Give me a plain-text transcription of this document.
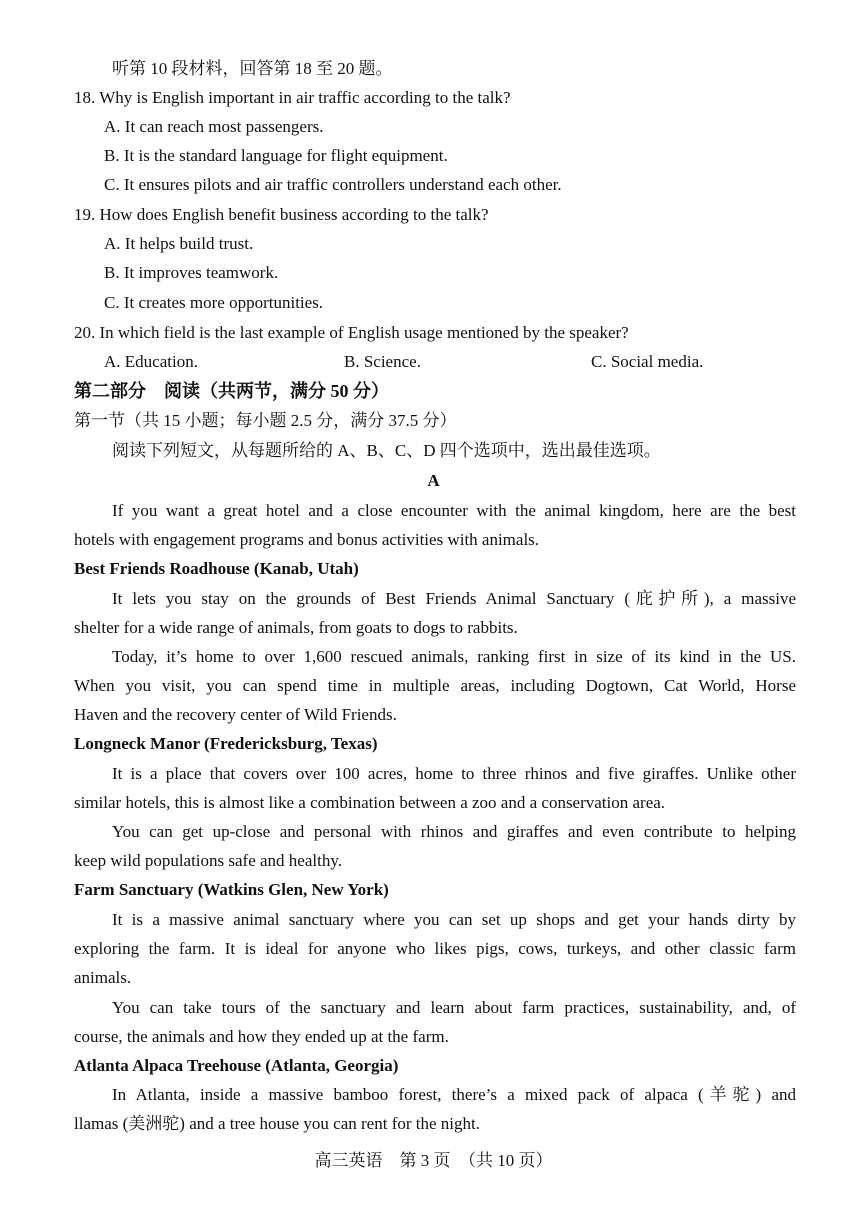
听第 10 段材料，回答第 18 至 20 题。
18. Why is English important in air traffic according to the talk?
A. It can reach most passengers.
B. It is the standard language for flight equipment.
C. It ensures pilots and air traffic controllers understand each other.
19. How does English benefit business according to the talk?
A. It helps build trust.
B. It improves teamwork.
C. It creates more opportunities.
20. In which field is the last example of English usage mentioned by the speaker?
A. Education.	B. Science.	C. Social media.
第二部分　阅读（共两节，满分 50 分）
第一节（共 15 小题；每小题 2.5 分，满分 37.5 分）
阅读下列短文，从每题所给的 A、B、C、D 四个选项中，选出最佳选项。
A
If you want a great hotel and a close encounter with the animal kingdom, here are the best
hotels with engagement programs and bonus activities with animals.
Best Friends Roadhouse (Kanab, Utah)
It lets you stay on the grounds of Best Friends Animal Sanctuary (庇护所), a massive
shelter for a wide range of animals, from goats to dogs to rabbits.
Today, it’s home to over 1,600 rescued animals, ranking first in size of its kind in the US.
When you visit, you can spend time in multiple areas, including Dogtown, Cat World, Horse
Haven and the recovery center of Wild Friends.
Longneck Manor (Fredericksburg, Texas)
It is a place that covers over 100 acres, home to three rhinos and five giraffes. Unlike other
similar hotels, this is almost like a combination between a zoo and a conservation area.
You can get up-close and personal with rhinos and giraffes and even contribute to helping
keep wild populations safe and healthy.
Farm Sanctuary (Watkins Glen, New York)
It is a massive animal sanctuary where you can set up shops and get your hands dirty by
exploring the farm. It is ideal for anyone who likes pigs, cows, turkeys, and other classic farm
animals.
You can take tours of the sanctuary and learn about farm practices, sustainability, and, of
course, the animals and how they ended up at the farm.
Atlanta Alpaca Treehouse (Atlanta, Georgia)
In Atlanta, inside a massive bamboo forest, there’s a mixed pack of alpaca (羊驼) and
llamas (美洲驼) and a tree house you can rent for the night.
高三英语　第 3 页　（共 10 页）
